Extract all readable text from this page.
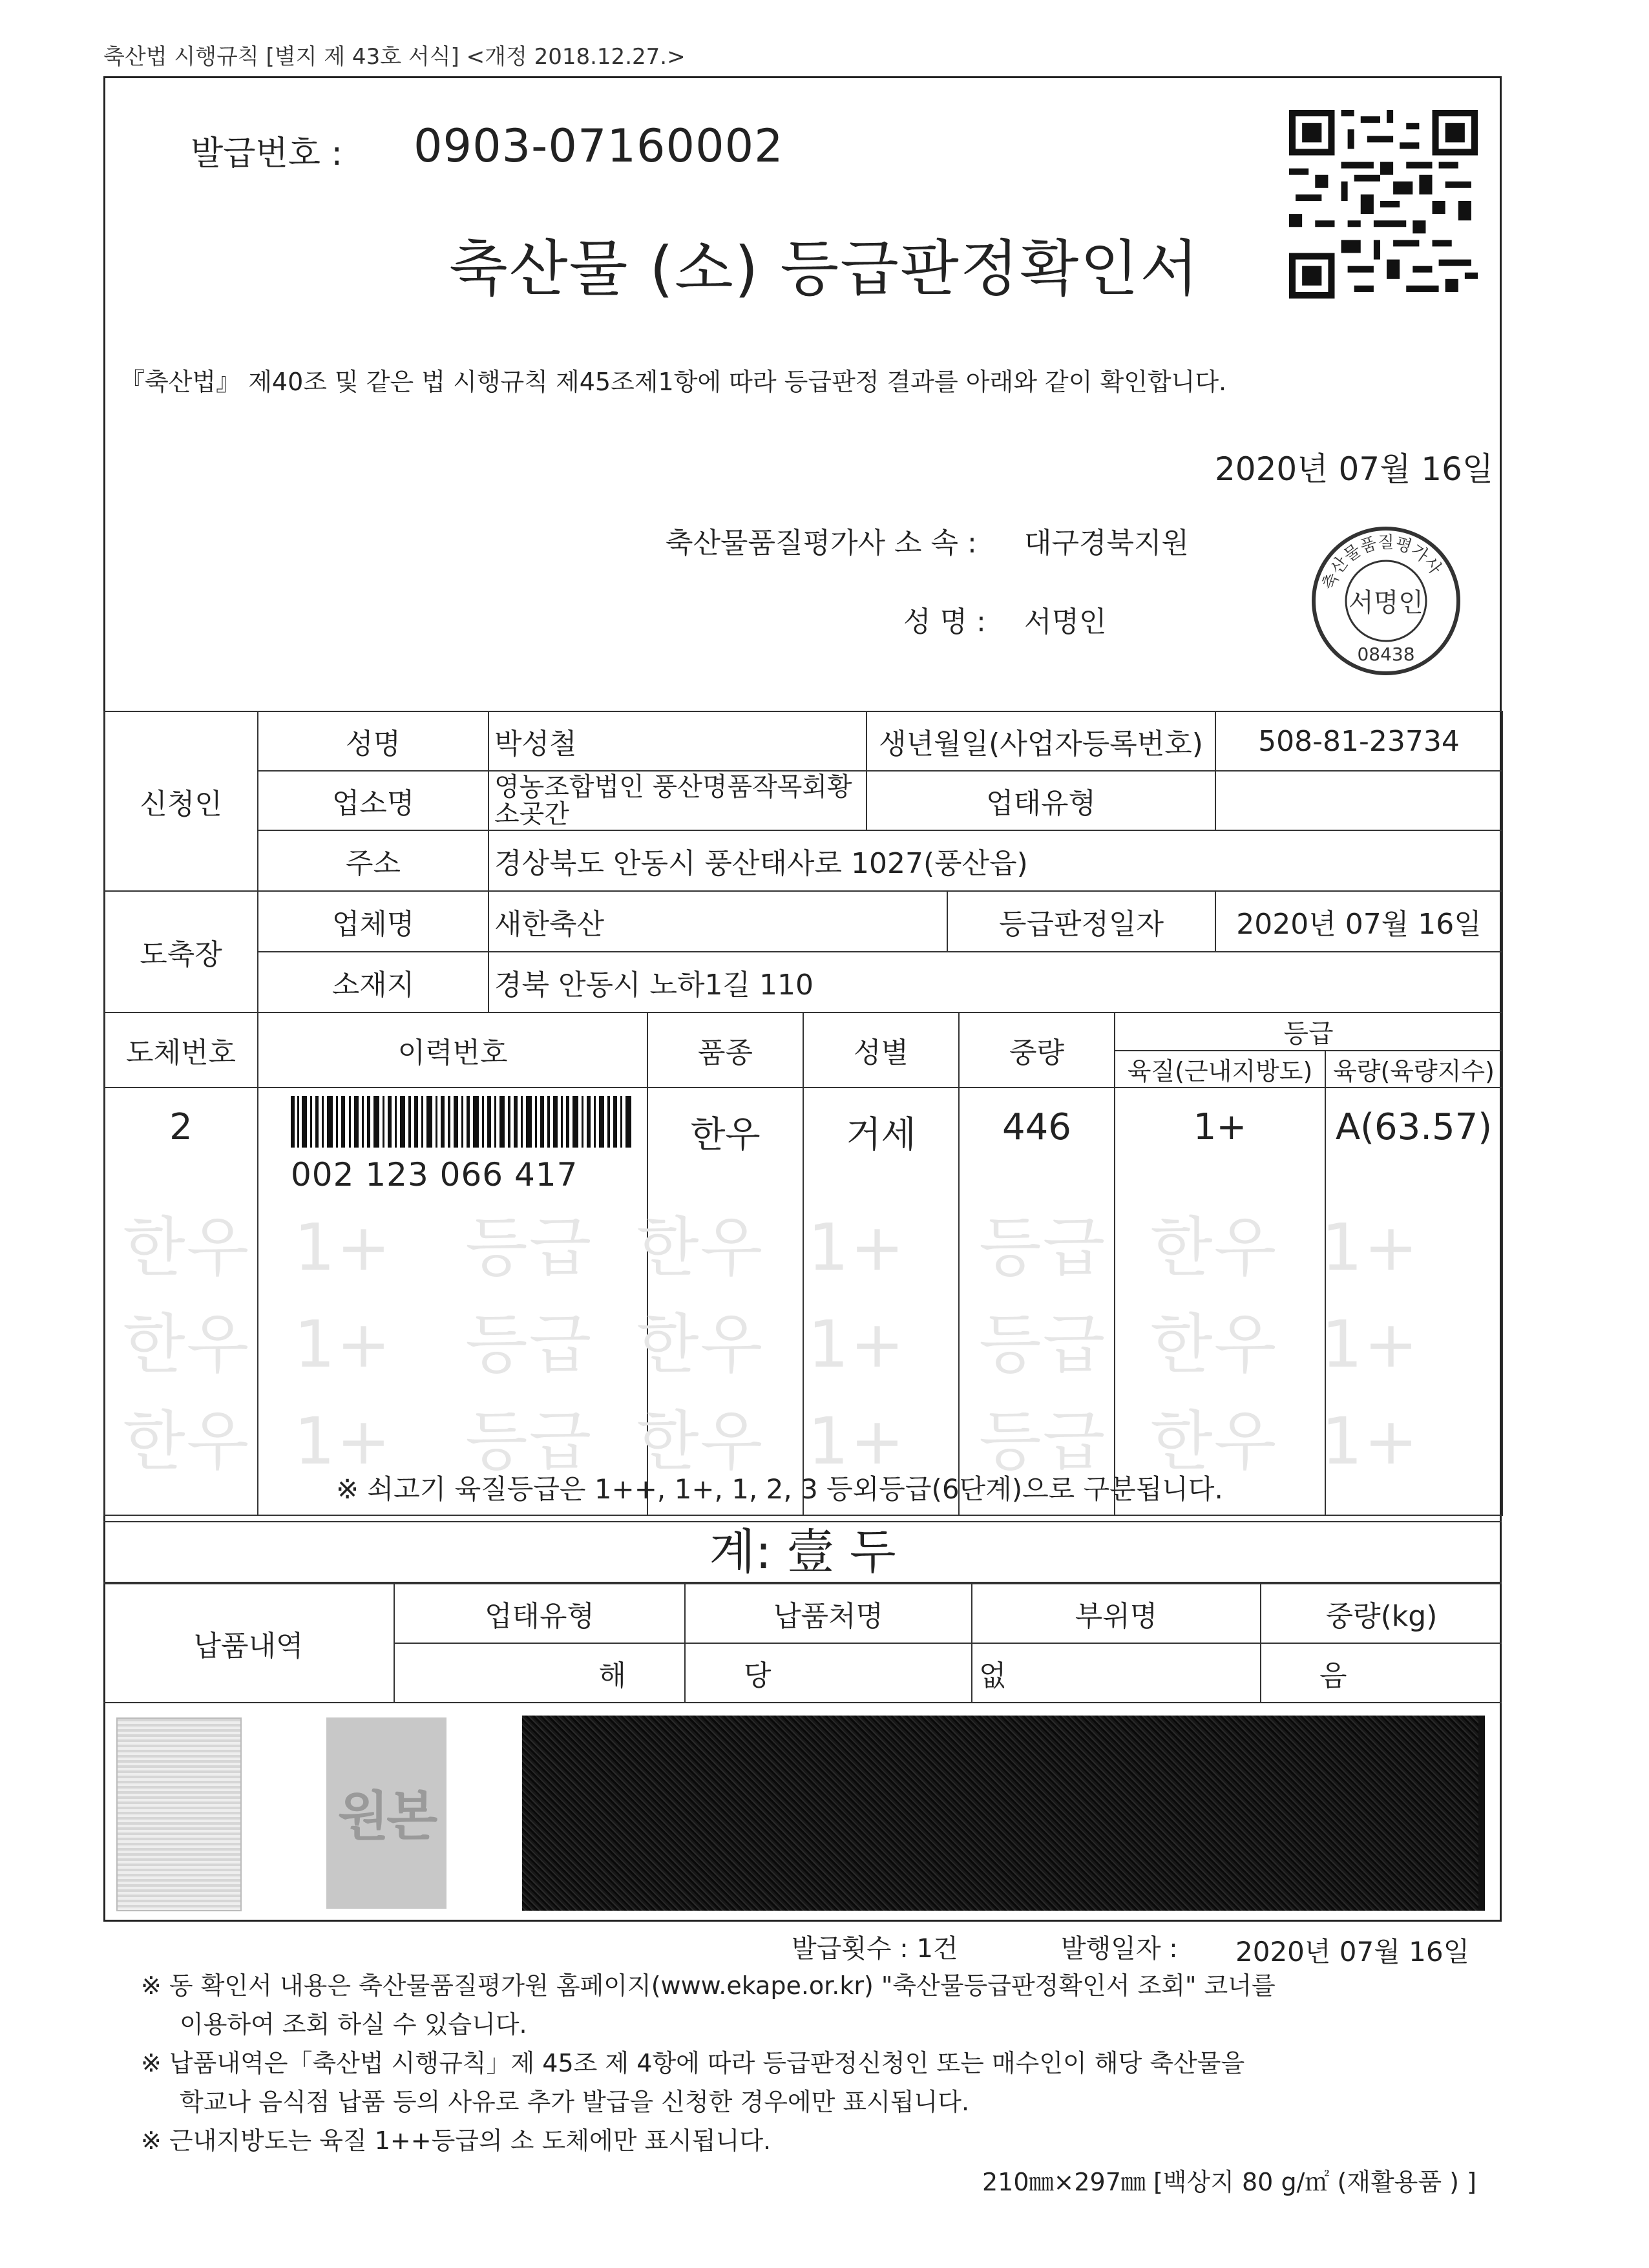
축산법 시행규칙 [별지 제 43호 서식] <개정 2018.12.27.>
발급번호 : 0903-07160002
축산물 (소) 등급판정확인서
『축산법』 제40조 및 같은 법 시행규칙 제45조제1항에 따라 등급판정 결과를 아래와 같이 확인합니다.
2020년 07월 16일
축산물품질평가사 소 속 : 대구경북지원
성 명 : 서명인
축산물품질평가사
서명인
08438
신청인	성명	박성철	생년월일(사업자등록번호)	508-81-23734
	업소명	영농조합법인 풍산명품작목회황소곳간	업태유형	
	주소	경상북도 안동시 풍산태사로 1027(풍산읍)		
도축장	업체명	새한축산	등급판정일자	2020년 07월 16일
	소재지	경북 안동시 노하1길 110		
도체번호	이력번호	품종	성별	중량	등급	
					육질(근내지방도)	육량(육량지수)
2	002 123 066 417	한우	거세	446	1+	A(63.57)
한우 1+ 등급 한우 1+ 등급 한우 1+
한우 1+ 등급 한우 1+ 등급 한우 1+
한우 1+ 등급 한우 1+ 등급 한우 1+
※ 쇠고기 육질등급은 1++, 1+, 1, 2, 3 등외등급(6단계)으로 구분됩니다.
계: 壹 두
납품내역	업태유형	납품처명	부위명	중량(kg)
	해	당	없	음
원본
발급횟수 : 1건	발행일자 : 2020년 07월 16일
※ 동 확인서 내용은 축산물품질평가원 홈페이지(www.ekape.or.kr) "축산물등급판정확인서 조회" 코너를
이용하여 조회 하실 수 있습니다.
※ 납품내역은「축산법 시행규칙」제 45조 제 4항에 따라 등급판정신청인 또는 매수인이 해당 축산물을
학교나 음식점 납품 등의 사유로 추가 발급을 신청한 경우에만 표시됩니다.
※ 근내지방도는 육질 1++등급의 소 도체에만 표시됩니다.
210㎜×297㎜ [백상지 80 g/㎡ (재활용품 ) ]
